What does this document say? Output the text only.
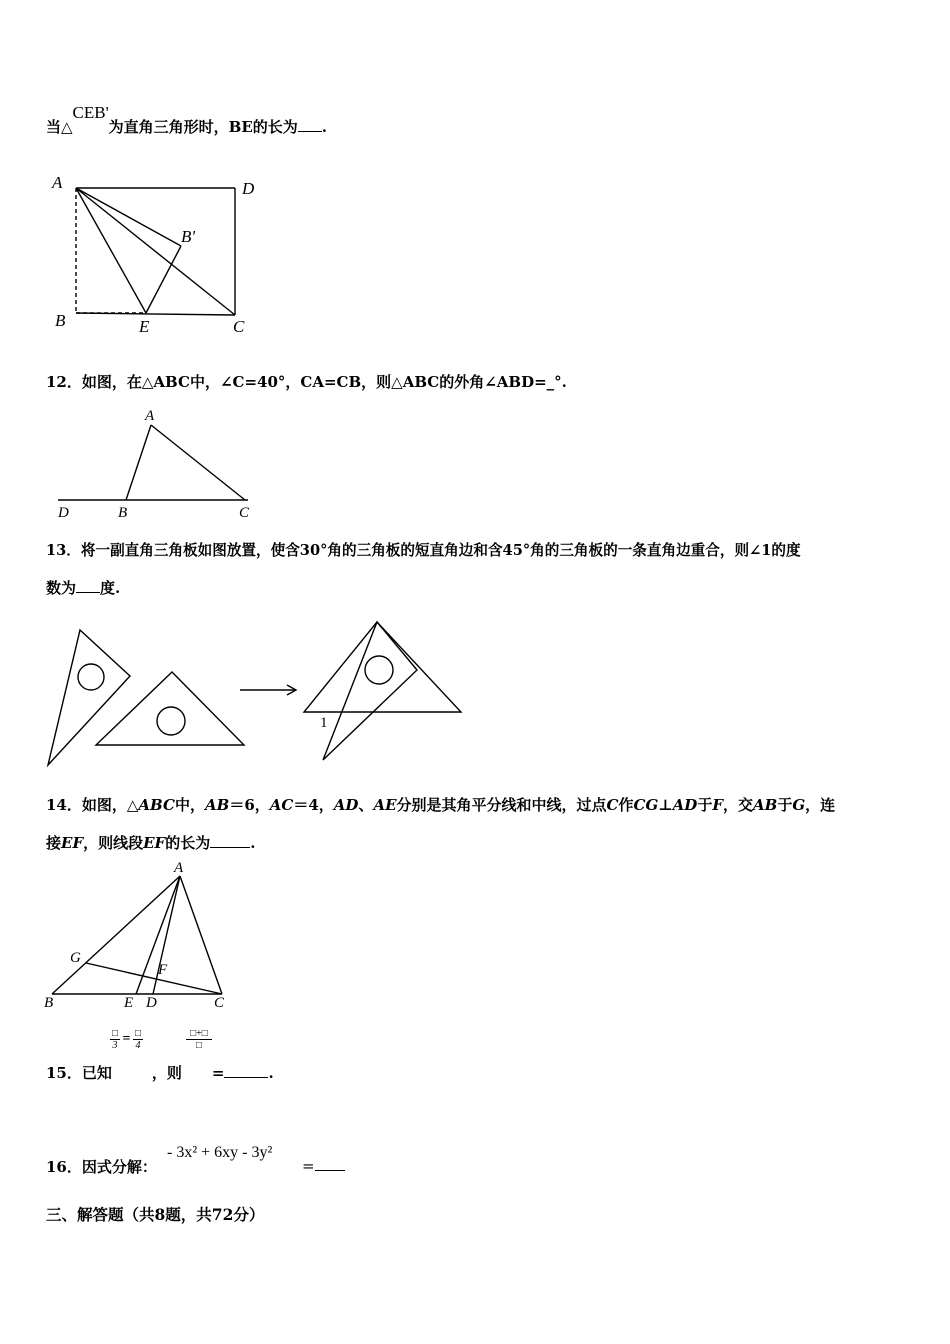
当△CEB'为直角三角形时，BE的长为 .
A	D
B'
B	E	C
12．如图，在△ABC中，∠C=40°，CA=CB，则△ABC的外角∠ABD=_°.
A
D	B	C
13．将一副直角三角板如图放置，使含30°角的三角板的短直角边和含45°角的三角板的一条直角边重合，则∠1的度
数为 度.
1
14．如图，△ABC中，AB＝6，AC＝4，AD、AE分别是其角平分线和中线，过点C作CG⊥AD于F，交AB于G，连
接EF，则线段EF的长为	.
A
G
F
B	E D	C
□
3 = □
4
□+□
□
15．已知	，则 =	.
16．因式分解：
- 3x² + 6xy - 3y²
=
三、解答题（共8题，共72分）
